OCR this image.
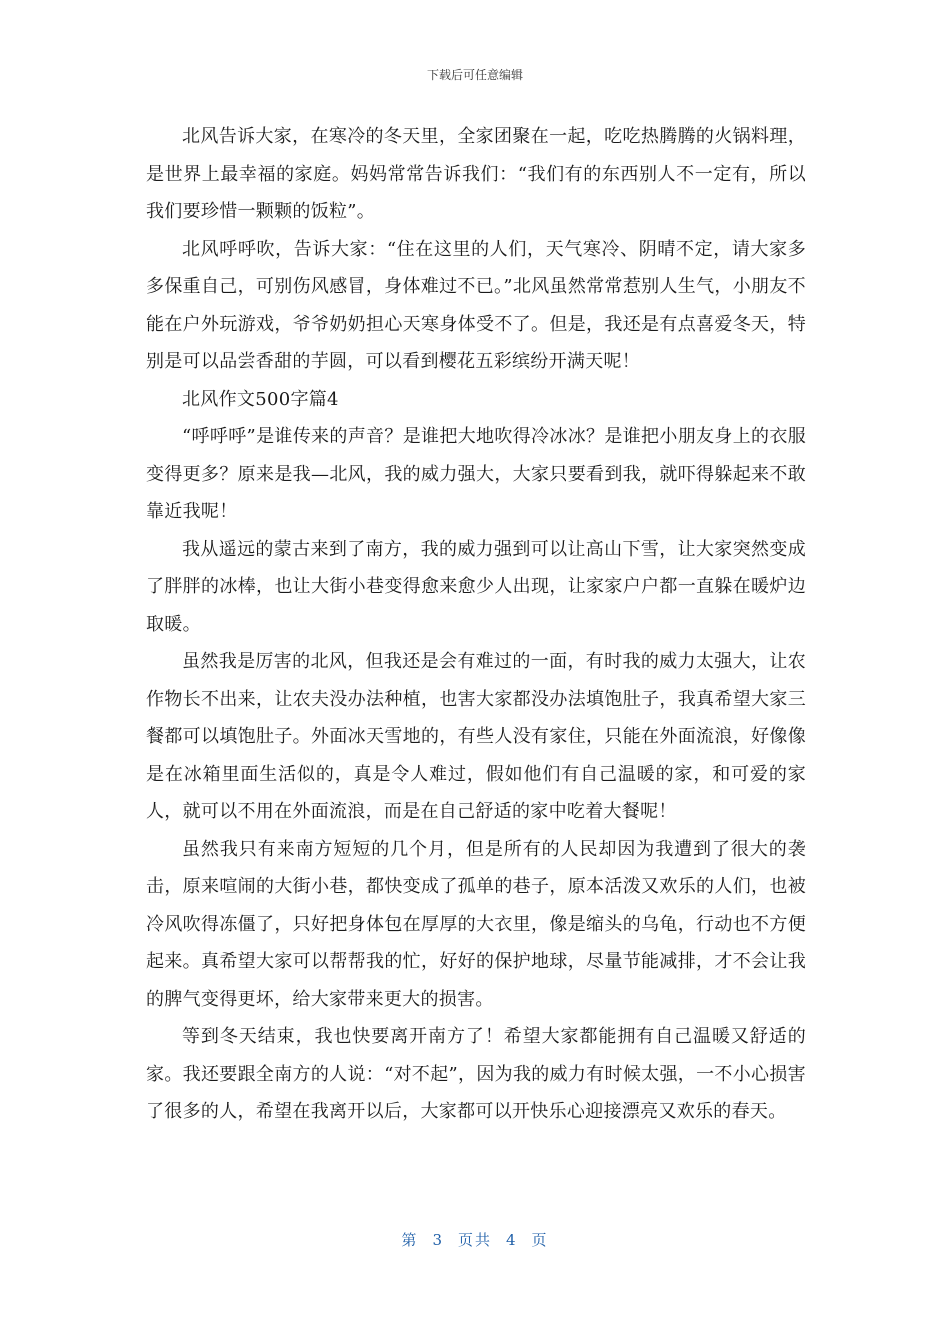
下载后可任意编辑

北风告诉大家，在寒冷的冬天里，全家团聚在一起，吃吃热腾腾的火锅料理，是世界上最幸福的家庭。妈妈常常告诉我们：“我们有的东西别人不一定有，所以我们要珍惜一颗颗的饭粒”。

北风呼呼吹，告诉大家：“住在这里的人们，天气寒冷、阴晴不定，请大家多多保重自己，可别伤风感冒，身体难过不已。”北风虽然常常惹别人生气，小朋友不能在户外玩游戏，爷爷奶奶担心天寒身体受不了。但是，我还是有点喜爱冬天，特别是可以品尝香甜的芋圆，可以看到樱花五彩缤纷开满天呢！

北风作文500字篇4

“呼呼呼”是谁传来的声音？是谁把大地吹得冷冰冰？是谁把小朋友身上的衣服变得更多？原来是我—北风，我的威力强大，大家只要看到我，就吓得躲起来不敢靠近我呢！

我从遥远的蒙古来到了南方，我的威力强到可以让高山下雪，让大家突然变成了胖胖的冰棒，也让大街小巷变得愈来愈少人出现，让家家户户都一直躲在暖炉边取暖。

虽然我是厉害的北风，但我还是会有难过的一面，有时我的威力太强大，让农作物长不出来，让农夫没办法种植，也害大家都没办法填饱肚子，我真希望大家三餐都可以填饱肚子。外面冰天雪地的，有些人没有家住，只能在外面流浪，好像像是在冰箱里面生活似的，真是令人难过，假如他们有自己温暖的家，和可爱的家人，就可以不用在外面流浪，而是在自己舒适的家中吃着大餐呢！

虽然我只有来南方短短的几个月，但是所有的人民却因为我遭到了很大的袭击，原来喧闹的大街小巷，都快变成了孤单的巷子，原本活泼又欢乐的人们，也被冷风吹得冻僵了，只好把身体包在厚厚的大衣里，像是缩头的乌龟，行动也不方便起来。真希望大家可以帮帮我的忙，好好的保护地球，尽量节能减排，才不会让我的脾气变得更坏，给大家带来更大的损害。

等到冬天结束，我也快要离开南方了！希望大家都能拥有自己温暖又舒适的家。我还要跟全南方的人说：“对不起”，因为我的威力有时候太强，一不小心损害了很多的人，希望在我离开以后，大家都可以开快乐心迎接漂亮又欢乐的春天。

第 3 页共 4 页
